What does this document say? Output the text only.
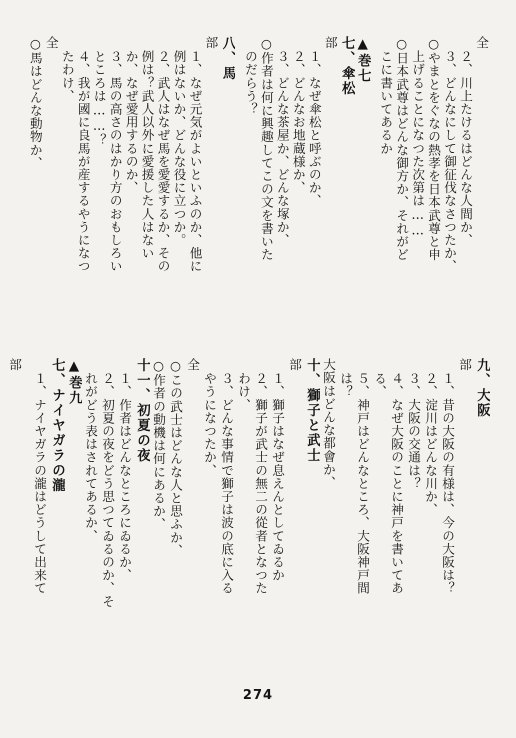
全
２、川上たけるはどんな人間か、
３、どんなにして御征伐なさつたか、
○やまとをぐなの熱孝を日本武尊と申
上げることになつた次第は……
○日本武尊はどんな御方か、それがど
こに書いてあるか
▲巻七
七、傘松
部
１、なぜ傘松と呼ぶのか、
２、どんなお地蔵様か、
３、どんな茶屋か、どんな塚か、
○作者は何に興趣してこの文を書いた
のだらう？
八、馬
部
１、なぜ元気がよいといふのか、他に
例はないか、どんな役に立つか。
２、武人はなぜ馬を愛愛するか、その
例は？武人以外に愛援した人はない
か、なぜ愛用するのか、
３、馬の高さのはかり方のおもしろい
ところは……？
４、我が國に良馬が産するやうになつ
たわけ、
全
○馬はどんな動物か、
部
１、ナイヤガラの瀧はどうして出来て 七、ナイヤガラの瀧 ▲巻九 れがどう表はされてあるか、 ２、初夏の夜をどう思つてゐるのか、そ １、作者はどんなところにゐるか、 十一、初夏の夜 ○作者の動機は何にあるか、 ○この武士はどんな人と思ふか、 全
やうになつたか、 ３、どんな事情で獅子は波の底に入る わけ、 ２、獅子が武士の無二の從者となつた １、獅子はなぜ息えんとしてゐるか
部 十、獅子と武士 大阪はどんな都會か、 は？ ５、神戸はどんなところ、大阪神戸間 る、 ４、なぜ大阪のことに神戸を書いてあ ３、大阪の交通は？ ２、淀川はどんな川か、 １、昔の大阪の有様は、今の大阪は？
部 九、大阪
274
